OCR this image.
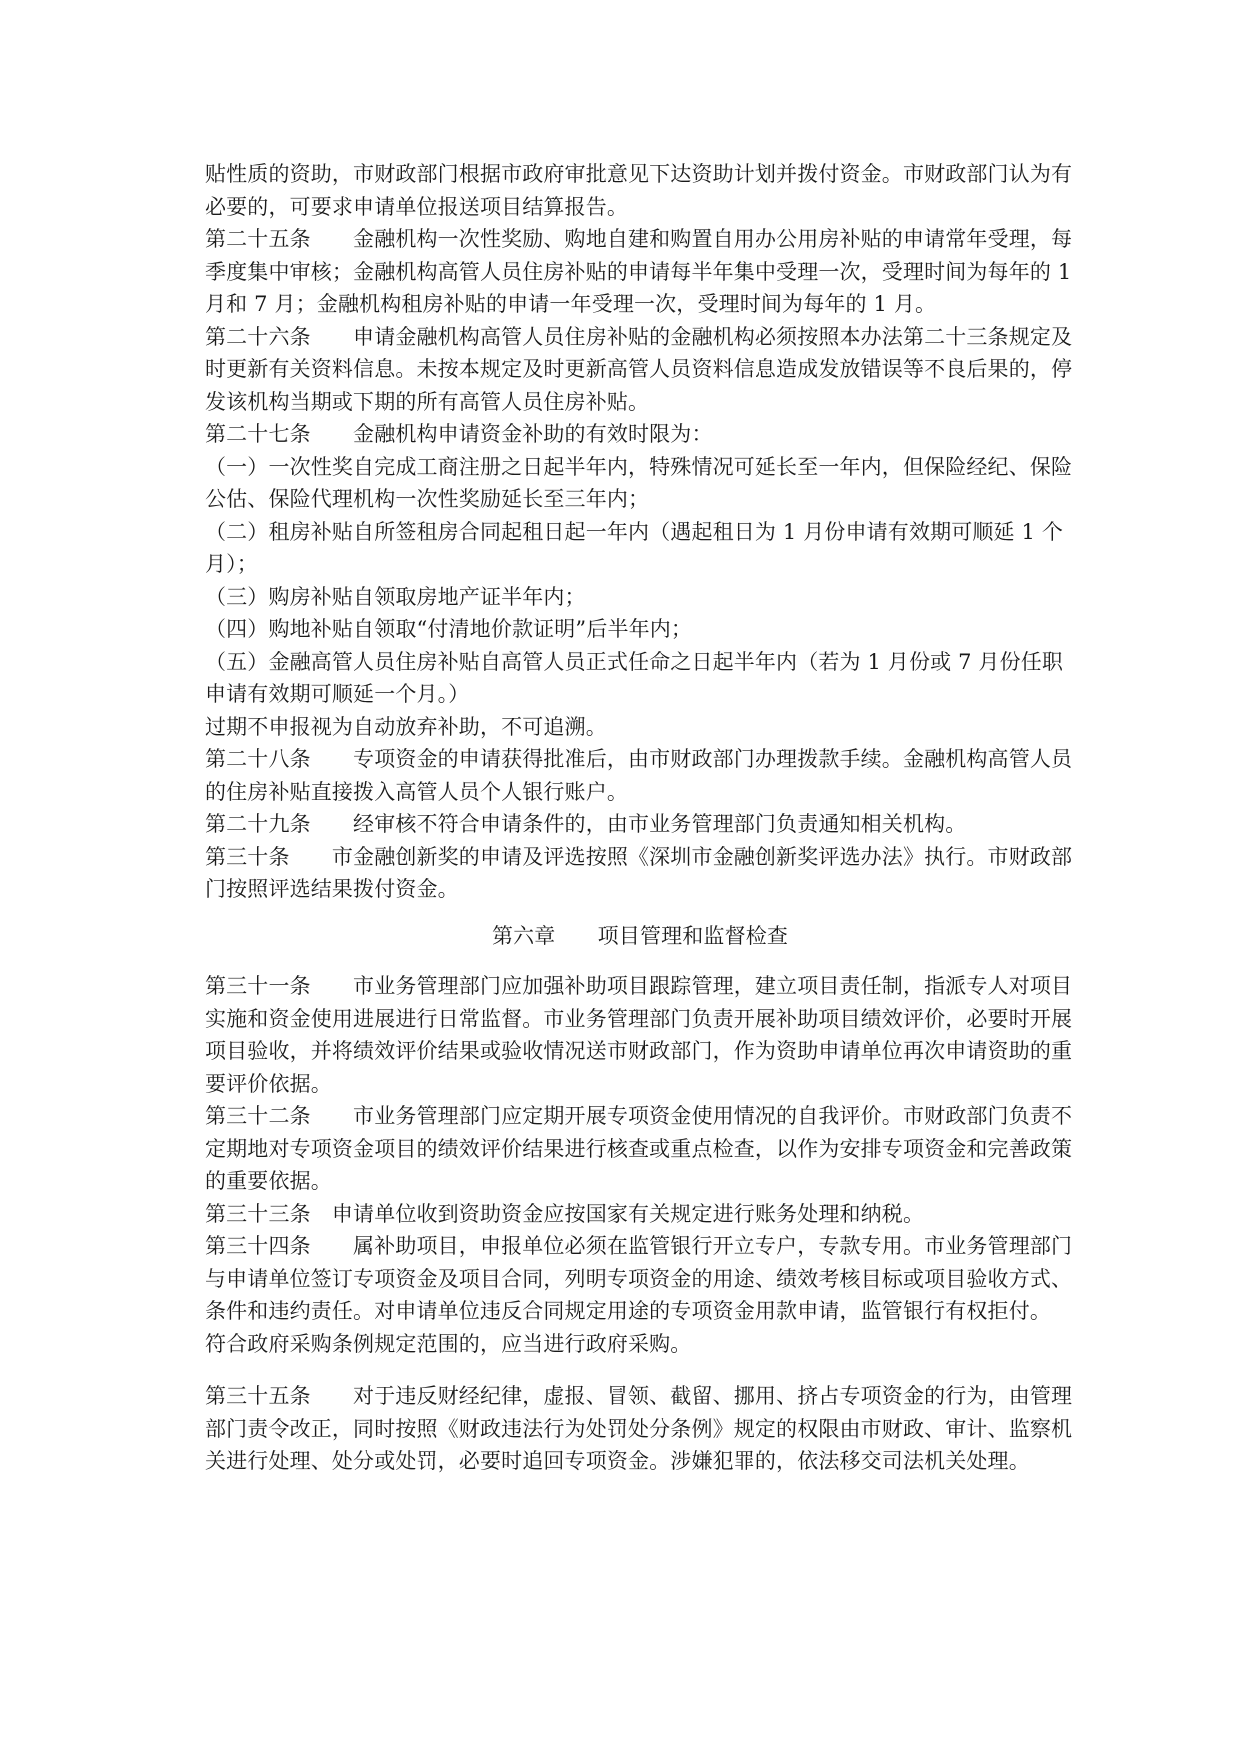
贴性质的资助，市财政部门根据市政府审批意见下达资助计划并拨付资金。市财政部门认为有必要的，可要求申请单位报送项目结算报告。

第二十五条　　金融机构一次性奖励、购地自建和购置自用办公用房补贴的申请常年受理，每季度集中审核；金融机构高管人员住房补贴的申请每半年集中受理一次，受理时间为每年的 1 月和 7 月；金融机构租房补贴的申请一年受理一次，受理时间为每年的 1 月。

第二十六条　　申请金融机构高管人员住房补贴的金融机构必须按照本办法第二十三条规定及时更新有关资料信息。未按本规定及时更新高管人员资料信息造成发放错误等不良后果的，停发该机构当期或下期的所有高管人员住房补贴。

第二十七条　　金融机构申请资金补助的有效时限为：

（一）一次性奖自完成工商注册之日起半年内，特殊情况可延长至一年内，但保险经纪、保险公估、保险代理机构一次性奖励延长至三年内；

（二）租房补贴自所签租房合同起租日起一年内（遇起租日为 1 月份申请有效期可顺延 1 个月）；

（三）购房补贴自领取房地产证半年内；

（四）购地补贴自领取“付清地价款证明”后半年内；

（五）金融高管人员住房补贴自高管人员正式任命之日起半年内（若为 1 月份或 7 月份任职申请有效期可顺延一个月。）

过期不申报视为自动放弃补助，不可追溯。

第二十八条　　专项资金的申请获得批准后，由市财政部门办理拨款手续。金融机构高管人员的住房补贴直接拨入高管人员个人银行账户。

第二十九条　　经审核不符合申请条件的，由市业务管理部门负责通知相关机构。

第三十条　　市金融创新奖的申请及评选按照《深圳市金融创新奖评选办法》执行。市财政部门按照评选结果拨付资金。

第六章　　项目管理和监督检查

第三十一条　　市业务管理部门应加强补助项目跟踪管理，建立项目责任制，指派专人对项目实施和资金使用进展进行日常监督。市业务管理部门负责开展补助项目绩效评价，必要时开展项目验收，并将绩效评价结果或验收情况送市财政部门，作为资助申请单位再次申请资助的重要评价依据。

第三十二条　　市业务管理部门应定期开展专项资金使用情况的自我评价。市财政部门负责不定期地对专项资金项目的绩效评价结果进行核查或重点检查，以作为安排专项资金和完善政策的重要依据。

第三十三条　申请单位收到资助资金应按国家有关规定进行账务处理和纳税。

第三十四条　　属补助项目，申报单位必须在监管银行开立专户，专款专用。市业务管理部门与申请单位签订专项资金及项目合同，列明专项资金的用途、绩效考核目标或项目验收方式、条件和违约责任。对申请单位违反合同规定用途的专项资金用款申请，监管银行有权拒付。

符合政府采购条例规定范围的，应当进行政府采购。

第三十五条　　对于违反财经纪律，虚报、冒领、截留、挪用、挤占专项资金的行为，由管理部门责令改正，同时按照《财政违法行为处罚处分条例》规定的权限由市财政、审计、监察机关进行处理、处分或处罚，必要时追回专项资金。涉嫌犯罪的，依法移交司法机关处理。
